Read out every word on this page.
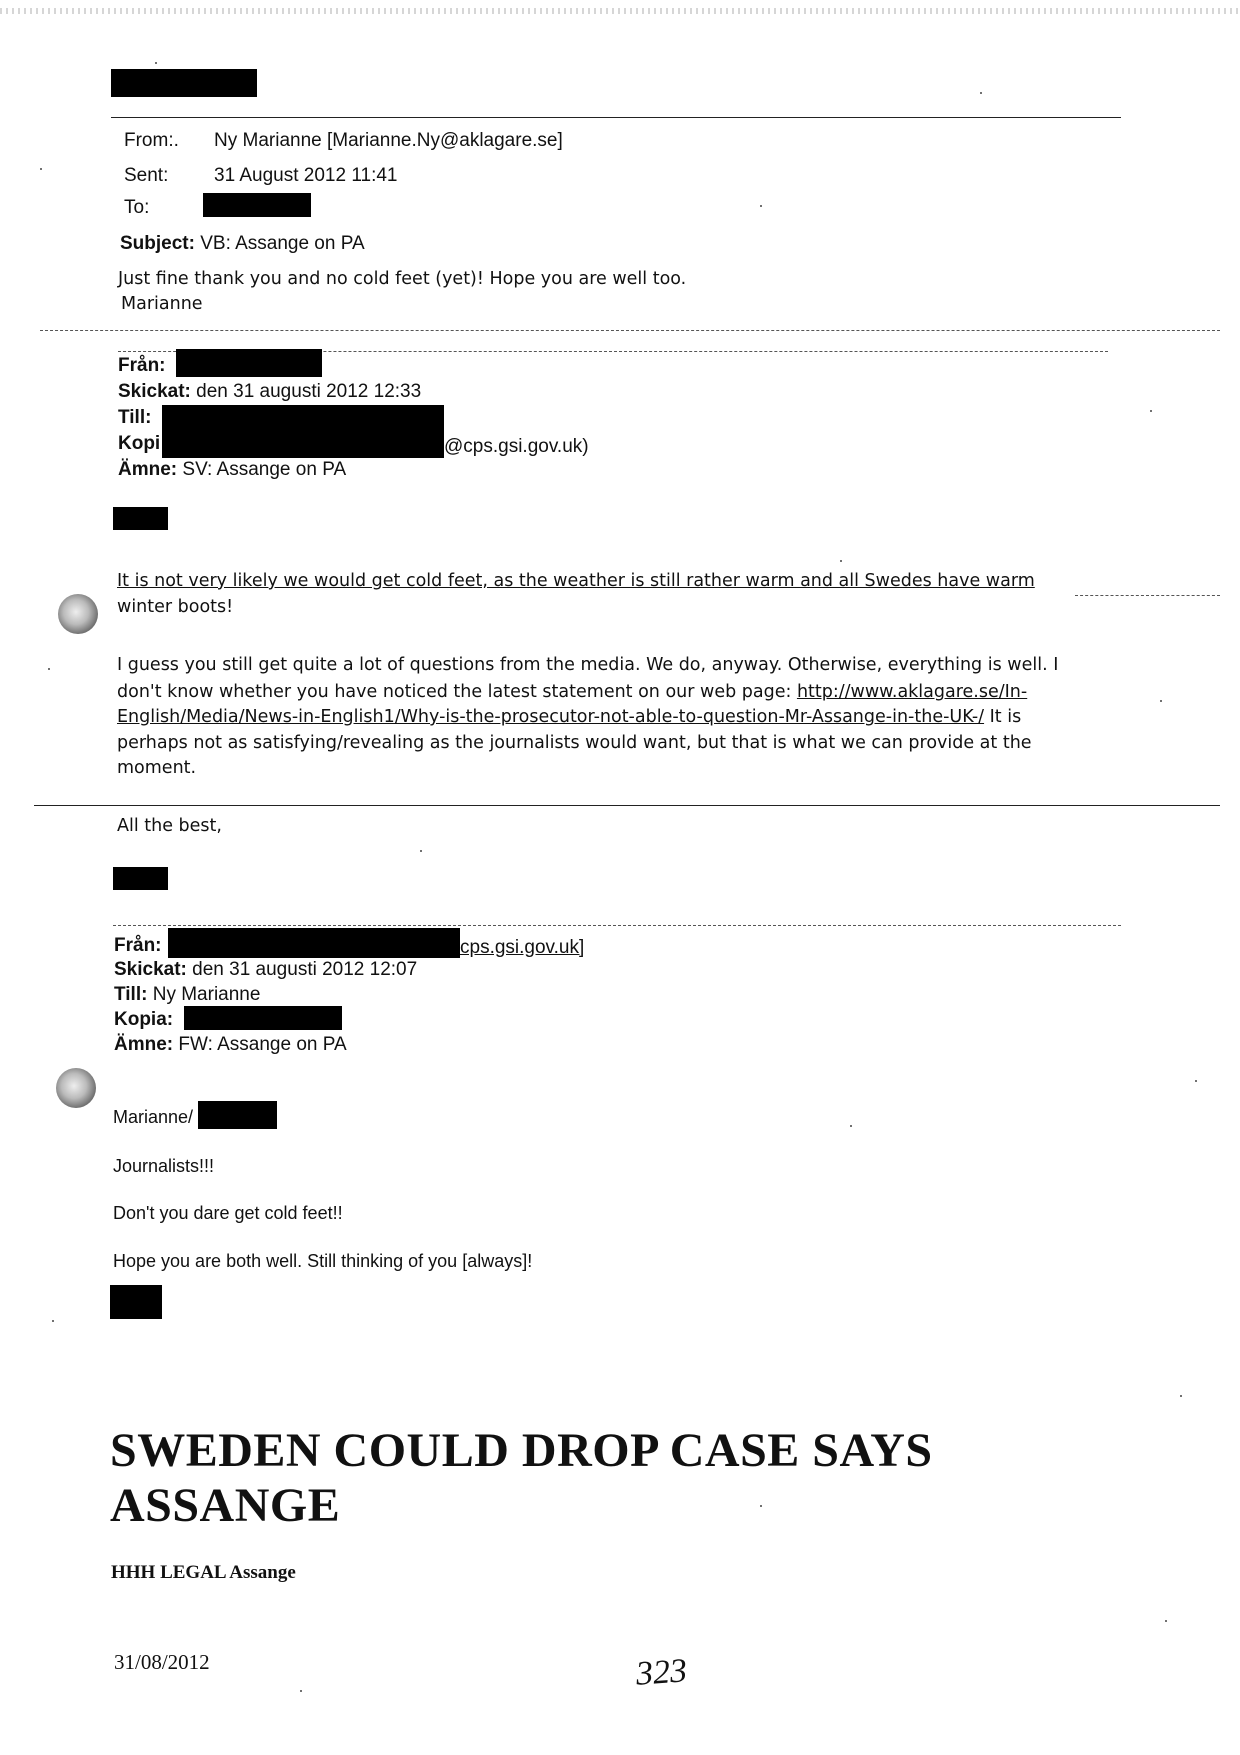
From:. Ny Marianne [Marianne.Ny@aklagare.se]
Sent: 31 August 2012 11:41
To:
Subject: VB: Assange on PA
Just fine thank you and no cold feet (yet)! Hope you are well too.
Marianne
Från:
Skickat: den 31 augusti 2012 12:33
Till:
Kopi	@cps.gsi.gov.uk)
Ämne: SV: Assange on PA
It is not very likely we would get cold feet, as the weather is still rather warm and all Swedes have warm
winter boots!
I guess you still get quite a lot of questions from the media. We do, anyway. Otherwise, everything is well. I
don't know whether you have noticed the latest statement on our web page: http://www.aklagare.se/In-
English/Media/News-in-English1/Why-is-the-prosecutor-not-able-to-question-Mr-Assange-in-the-UK-/ It is
perhaps not as satisfying/revealing as the journalists would want, but that is what we can provide at the
moment.
All the best,
Från:	cps.gsi.gov.uk]
Skickat: den 31 augusti 2012 12:07
Till: Ny Marianne
Kopia:
Ämne: FW: Assange on PA
Marianne/
Journalists!!!
Don't you dare get cold feet!!
Hope you are both well. Still thinking of you [always]!
SWEDEN COULD DROP CASE SAYS
ASSANGE
HHH LEGAL Assange
31/08/2012	323
